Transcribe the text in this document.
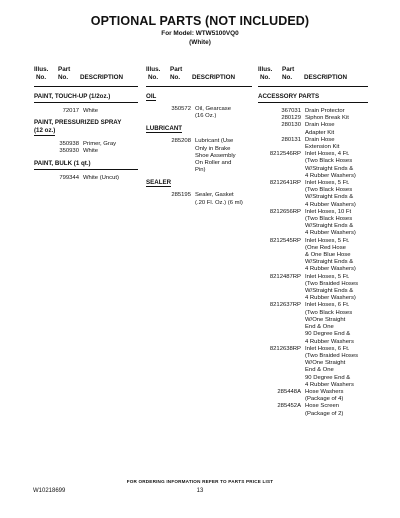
OPTIONAL PARTS (NOT INCLUDED)
For Model: WTW5100VQ0
(White)
Illus. Part
No. No. DESCRIPTION
PAINT, TOUCH-UP (1/2oz.)
72017 White
PAINT, PRESSURIZED SPRAY
(12 oz.)
350938 Primer, Gray
350930 White
PAINT, BULK (1 qt.)
799344 White (Uncut)
Illus. Part
No. No. DESCRIPTION
OIL
350572 Oil, Gearcase
(16 Oz.)
LUBRICANT
285208 Lubricant (Use
Only in Brake
Shoe Assembly
On Roller and
Pin)
SEALER
285195 Sealer, Gasket
(.20 Fl. Oz.) (6 ml)
Illus. Part
No. No. DESCRIPTION
ACCESSORY PARTS
367031 Drain Protector
280129 Siphon Break Kit
280130 Drain Hose
Adapter Kit
280131 Drain Hose
Extension Kit
8212546RP Inlet Hoses, 4 Ft.
(Two Black Hoses
W/Straight Ends &
4 Rubber Washers)
8212641RP Inlet Hoses, 5 Ft.
(Two Black Hoses
W/Straight Ends &
4 Rubber Washers)
8212656RP Inlet Hoses, 10 Ft
(Two Black Hoses
W/Straight Ends &
4 Rubber Washers)
8212545RP Inlet Hoses, 5 Ft.
(One Red Hose
& One Blue Hose
W/Straight Ends &
4 Rubber Washers)
8212487RP Inlet Hoses, 5 Ft.
(Two Braided Hoses
W/Straight Ends &
4 Rubber Washers)
8212637RP Inlet Hoses, 6 Ft.
(Two Black Hoses
W/One Straight
End & One
90 Degree End &
4 Rubber Washers
8212638RP Inlet Hoses, 6 Ft.
(Two Braided Hoses
W/One Straight
End & One
90 Degree End &
4 Rubber Washers
285448A Hose Washers
(Package of 4)
285452A Hose Screen
(Package of 2)
FOR ORDERING INFORMATION REFER TO PARTS PRICE LIST
W10218699	13
